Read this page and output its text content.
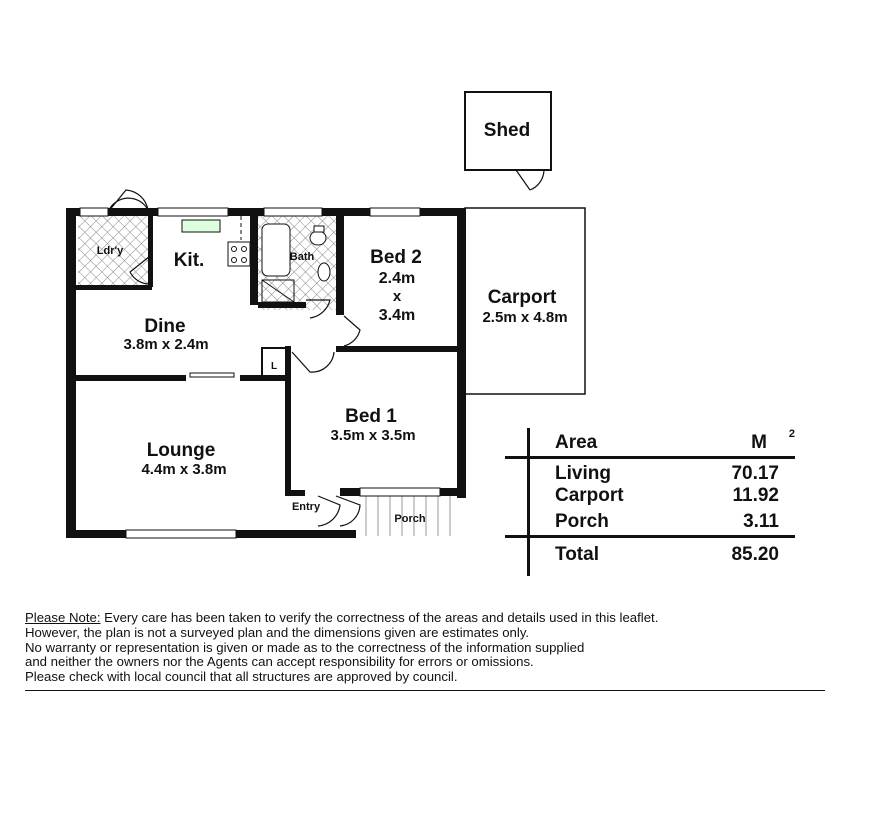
Shed
Ldr'y	Kit.	Bath	Bed 2
2.4m
x
3.4m
Carport
2.5m x 4.8m
Dine
3.8m x 2.4m
L
Bed 1
3.5m x 3.5m
Lounge
4.4m x 3.8m
Entry
Porch
Area	M 2
Living	70.17
Carport	11.92
Porch	3.11
Total	85.20
Please Note: Every care has been taken to verify the correctness of the areas and details used in this leaflet.
However, the plan is not a surveyed plan and the dimensions given are estimates only.
No warranty or representation is given or made as to the correctness of the information supplied
and neither the owners nor the Agents can accept responsibility for errors or omissions.
Please check with local council that all structures are approved by council.
